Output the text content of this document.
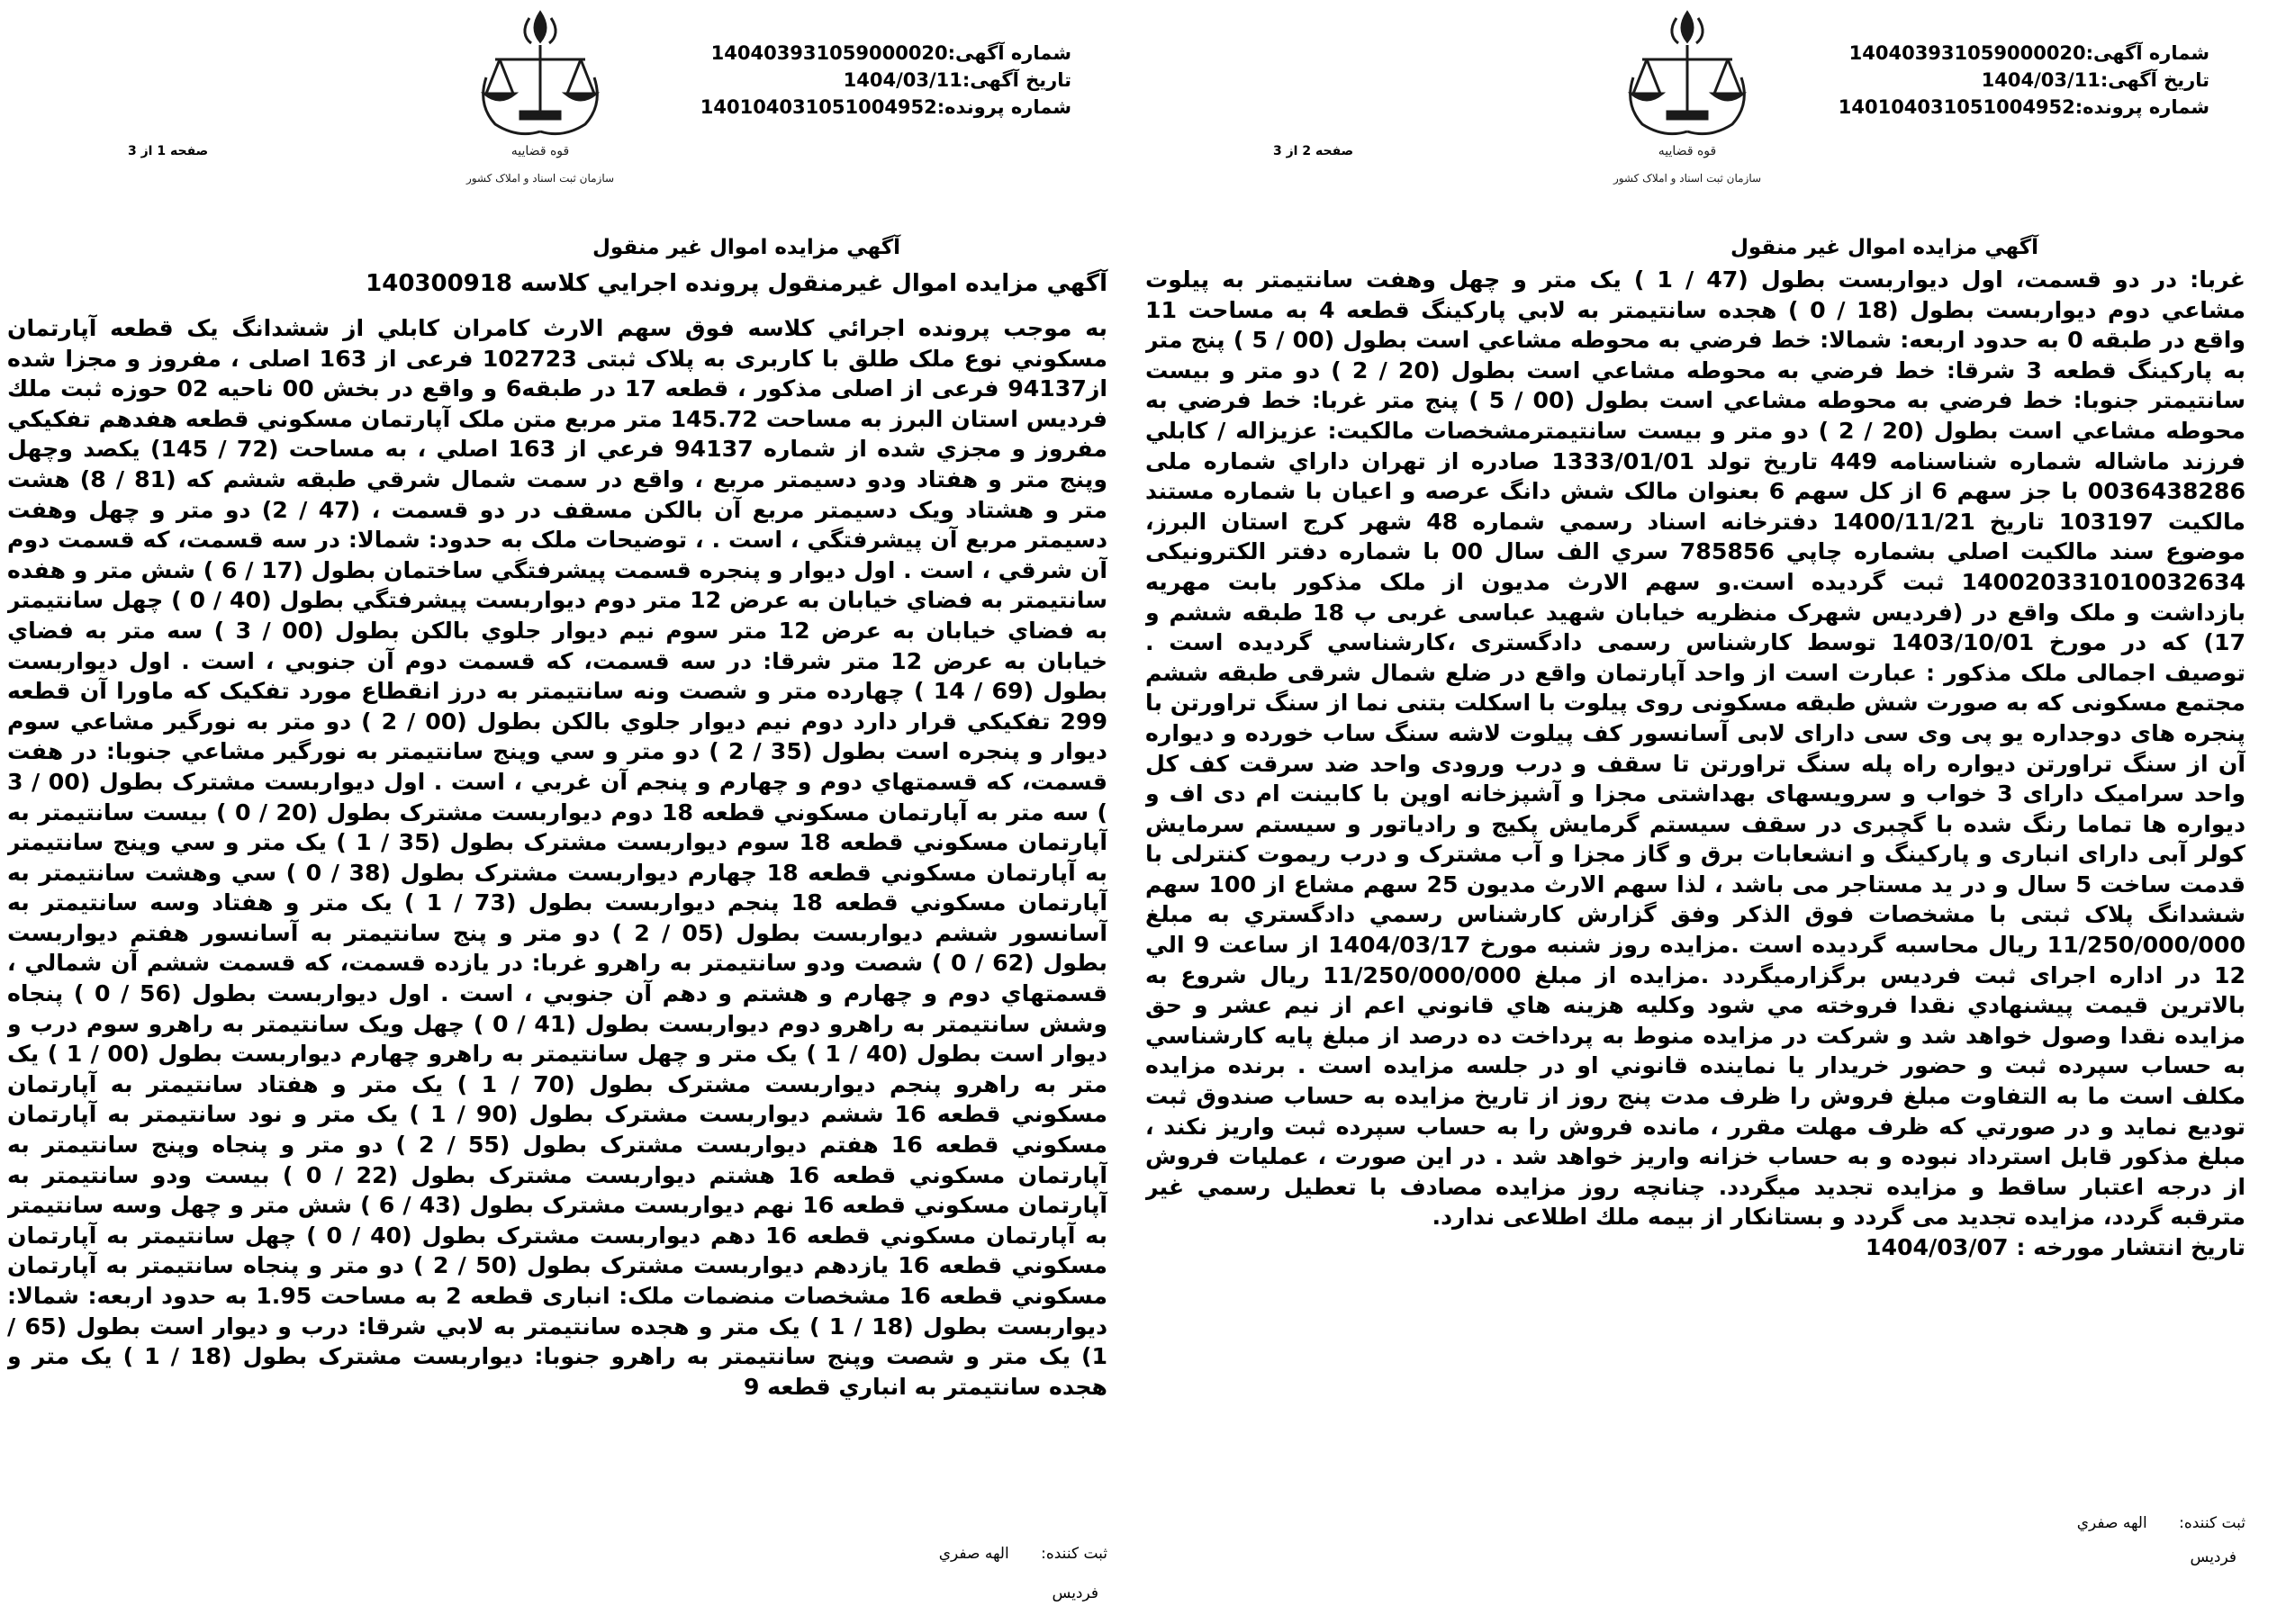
شماره آگهی:140403931059000020
تاریخ آگهی:1404/03/11
شماره پرونده:140104031051004952
قوه قضاییه
سازمان ثبت اسناد و املاک کشور
صفحه 1 از 3
آگهي مزايده اموال غير منقول
آگهي مزايده اموال غيرمنقول پرونده اجرايي كلاسه 140300918
به موجب پرونده اجرائي كلاسه فوق سهم الارث كامران كابلي از ششدانگ يک قطعه آپارتمان مسكوني نوع ملک طلق با كاربری به پلاک ثبتی 102723 فرعی از 163 اصلی ، مفروز و مجزا شده از94137 فرعی از اصلی مذکور ، قطعه 17 در طبقه6 و واقع در بخش 00 ناحيه 02 حوزه ثبت ملك فرديس استان البرز به مساحت 145.72 متر مربع متن ملک آپارتمان مسكوني قطعه هفدهم تفکيکي مفروز و مجزي شده از شماره 94137 فرعي از 163 اصلي ، به مساحت (72 / 145) يكصد وچهل وپنج متر و هفتاد ودو دسيمتر مربع ، واقع در سمت شمال شرقي طبقه ششم كه (81 / 8) هشت متر و هشتاد ويک دسيمتر مربع آن بالكن مسقف در دو قسمت ، (47 / 2) دو متر و چهل وهفت دسيمتر مربع آن پيشرفتگي ، است . ، توضيحات ملک به حدود: شمالا: در سه قسمت، كه قسمت دوم آن شرقي ، است . اول ديوار و پنجره قسمت پيشرفتگي ساختمان بطول (17 / 6 ) شش متر و هفده سانتيمتر به فضاي خيابان به عرض 12 متر دوم ديواربست پيشرفتگي بطول (40 / 0 ) چهل سانتيمتر به فضاي خيابان به عرض 12 متر سوم نيم ديوار جلوي بالكن بطول (00 / 3 ) سه متر به فضاي خيابان به عرض 12 متر شرقا: در سه قسمت، كه قسمت دوم آن جنوبي ، است . اول ديواربست بطول (69 / 14 ) چهارده متر و شصت ونه سانتيمتر به درز انقطاع مورد تفکيک كه ماورا آن قطعه 299 تفکيکي قرار دارد دوم نيم ديوار جلوي بالكن بطول (00 / 2 ) دو متر به نورگير مشاعي سوم ديوار و پنجره است بطول (35 / 2 ) دو متر و سي وپنج سانتيمتر به نورگير مشاعي جنوبا: در هفت قسمت، كه قسمتهاي دوم و چهارم و پنجم آن غربي ، است . اول ديواربست مشترک بطول (00 / 3 ) سه متر به آپارتمان مسكوني قطعه 18 دوم ديواربست مشترک بطول (20 / 0 ) بيست سانتيمتر به آپارتمان مسكوني قطعه 18 سوم ديواربست مشترک بطول (35 / 1 ) يک متر و سي وپنج سانتيمتر به آپارتمان مسكوني قطعه 18 چهارم ديواربست مشترک بطول (38 / 0 ) سي وهشت سانتيمتر به آپارتمان مسكوني قطعه 18 پنجم ديواربست بطول (73 / 1 ) يک متر و هفتاد وسه سانتيمتر به آسانسور ششم ديواربست بطول (05 / 2 ) دو متر و پنج سانتيمتر به آسانسور هفتم ديواربست بطول (62 / 0 ) شصت ودو سانتيمتر به راهرو غربا: در يازده قسمت، كه قسمت ششم آن شمالي ، قسمتهاي دوم و چهارم و هشتم و دهم آن جنوبي ، است . اول ديواربست بطول (56 / 0 ) پنجاه وشش سانتيمتر به راهرو دوم ديواربست بطول (41 / 0 ) چهل ويک سانتيمتر به راهرو سوم درب و ديوار است بطول (40 / 1 ) يک متر و چهل سانتيمتر به راهرو چهارم ديواربست بطول (00 / 1 ) يک متر به راهرو پنجم ديواربست مشترک بطول (70 / 1 ) يک متر و هفتاد سانتيمتر به آپارتمان مسكوني قطعه 16 ششم ديواربست مشترک بطول (90 / 1 ) يک متر و نود سانتيمتر به آپارتمان مسكوني قطعه 16 هفتم ديواربست مشترک بطول (55 / 2 ) دو متر و پنجاه وپنج سانتيمتر به آپارتمان مسكوني قطعه 16 هشتم ديواربست مشترک بطول (22 / 0 ) بيست ودو سانتيمتر به آپارتمان مسكوني قطعه 16 نهم ديواربست مشترک بطول (43 / 6 ) شش متر و چهل وسه سانتيمتر به آپارتمان مسكوني قطعه 16 دهم ديواربست مشترک بطول (40 / 0 ) چهل سانتيمتر به آپارتمان مسكوني قطعه 16 يازدهم ديواربست مشترک بطول (50 / 2 ) دو متر و پنجاه سانتيمتر به آپارتمان مسكوني قطعه 16 مشخصات منضمات ملک: انباری قطعه 2 به مساحت 1.95 به حدود اربعه: شمالا: ديواربست بطول (18 / 1 ) يک متر و هجده سانتيمتر به لابي شرقا: درب و ديوار است بطول (65 / 1) يک متر و شصت وپنج سانتيمتر به راهرو جنوبا: ديواربست مشترک بطول (18 / 1 ) يک متر و هجده سانتيمتر به انباري قطعه 9
ثبت کننده: الهه صفري
فرديس
شماره آگهی:140403931059000020
تاریخ آگهی:1404/03/11
شماره پرونده:140104031051004952
قوه قضاییه
سازمان ثبت اسناد و املاک کشور
صفحه 2 از 3
آگهي مزايده اموال غير منقول
غربا: در دو قسمت، اول ديواربست بطول (47 / 1 ) يک متر و چهل وهفت سانتيمتر به پيلوت مشاعي دوم ديواربست بطول (18 / 0 ) هجده سانتيمتر به لابي پاركينگ قطعه 4 به مساحت 11 واقع در طبقه 0 به حدود اربعه: شمالا: خط فرضي به محوطه مشاعي است بطول (00 / 5 ) پنج متر به پاركينگ قطعه 3 شرقا: خط فرضي به محوطه مشاعي است بطول (20 / 2 ) دو متر و بيست سانتيمتر جنوبا: خط فرضي به محوطه مشاعي است بطول (00 / 5 ) پنج متر غربا: خط فرضي به محوطه مشاعي است بطول (20 / 2 ) دو متر و بيست سانتيمترمشخصات مالكيت: عزيزاله / كابلي فرزند ماشاله شماره شناسنامه 449 تاريخ تولد 1333/01/01 صادره از تهران داراي شماره ملی 0036438286 با جز سهم 6 از کل سهم 6 بعنوان مالک شش دانگ عرصه و اعيان با شماره مستند مالکيت 103197 تاريخ 1400/11/21 دفترخانه اسناد رسمي شماره 48 شهر کرج استان البرز، موضوع سند مالکيت اصلي بشماره چاپي 785856 سري الف سال 00 با شماره دفتر الکترونيکی 140020331010032634 ثبت گرديده است.و سهم الارث مديون از ملک مذکور بابت مهريه بازداشت و ملک واقع در (فرديس شهرک منظريه خيابان شهيد عباسی غربی پ 18 طبقه ششم و 17) كه در مورخ 1403/10/01 توسط کارشناس رسمی دادگستری ،كارشناسي گرديده است . توصيف اجمالی ملک مذکور : عبارت است از واحد آپارتمان واقع در ضلع شمال شرقی طبقه ششم مجتمع مسکونی که به صورت شش طبقه مسکونی روی پيلوت با اسکلت بتنی نما از سنگ تراورتن با پنجره های دوجداره يو پی وی سی دارای لابی آسانسور کف پيلوت لاشه سنگ ساب خورده و ديواره آن از سنگ تراورتن ديواره راه پله سنگ تراورتن تا سقف و درب ورودی واحد ضد سرقت کف کل واحد سراميک دارای 3 خواب و سرويسهای بهداشتی مجزا و آشپزخانه اوپن با کابينت ام دی اف و ديواره ها تماما رنگ شده با گچبری در سقف سيستم گرمايش پکيج و رادياتور و سيستم سرمايش کولر آبی دارای انباری و پارکينگ و انشعابات برق و گاز مجزا و آب مشترک و درب ريموت کنترلی با قدمت ساخت 5 سال و در يد مستاجر می باشد ، لذا سهم الارث مديون 25 سهم مشاع از 100 سهم ششدانگ پلاک ثبتی با مشخصات فوق الذکر وفق گزارش کارشناس رسمي دادگستري به مبلغ 11/250/000/000 ريال محاسبه گرديده است .مزايده روز شنبه مورخ 1404/03/17 از ساعت 9 الي 12 در اداره اجرای ثبت فرديس برگزارميگردد .مزايده از مبلغ 11/250/000/000 ريال شروع به بالاترين قيمت پيشنهادي نقدا فروخته مي شود وكليه هزينه هاي قانوني اعم از نيم عشر و حق مزايده نقدا وصول خواهد شد و شركت در مزايده منوط به پرداخت ده درصد از مبلغ پايه كارشناسي به حساب سپرده ثبت و حضور خريدار يا نماينده قانوني او در جلسه مزايده است . برنده مزايده مكلف است ما به التفاوت مبلغ فروش را ظرف مدت پنج روز از تاريخ مزايده به حساب صندوق ثبت توديع نمايد و در صورتي كه ظرف مهلت مقرر ، مانده فروش را به حساب سپرده ثبت واريز نكند ، مبلغ مذكور قابل استرداد نبوده و به حساب خزانه واريز خواهد شد . در اين صورت ، عمليات فروش از درجه اعتبار ساقط و مزايده تجديد ميگردد. چنانچه روز مزايده مصادف با تعطيل رسمي غير مترقبه گردد، مزايده تجديد مى گردد و بستانكار از بيمه ملك اطلاعى ندارد.
تاريخ انتشار مورخه : 1404/03/07
ثبت کننده: الهه صفري
فرديس
